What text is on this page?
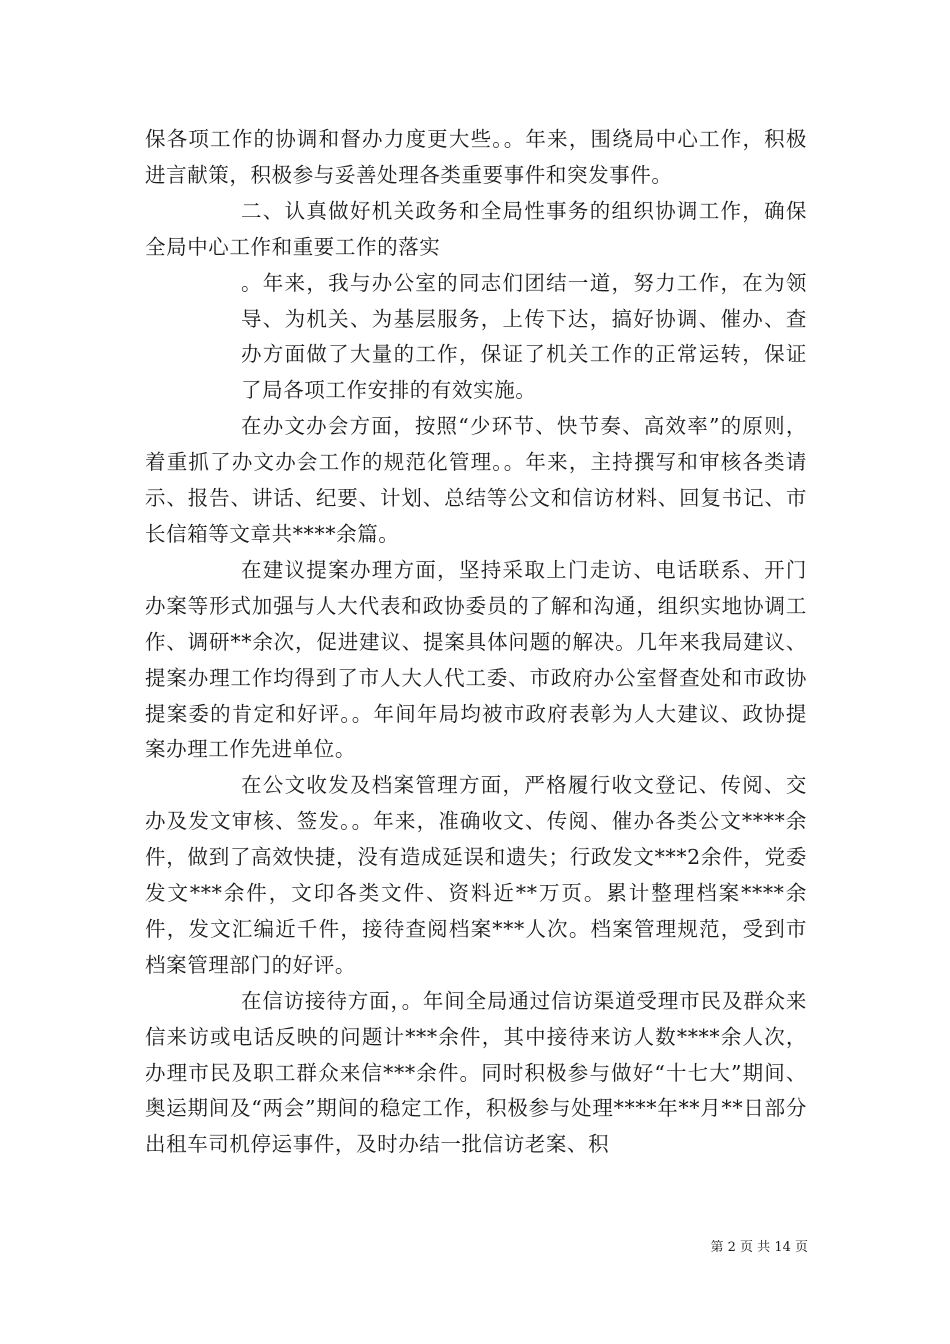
保各项工作的协调和督办力度更大些。。年来，围绕局中心工作，积极进言献策，积极参与妥善处理各类重要事件和突发事件。

二、认真做好机关政务和全局性事务的组织协调工作，确保全局中心工作和重要工作的落实

。年来，我与办公室的同志们团结一道，努力工作，在为领导、为机关、为基层服务，上传下达，搞好协调、催办、查办方面做了大量的工作，保证了机关工作的正常运转，保证了局各项工作安排的有效实施。

在办文办会方面，按照“少环节、快节奏、高效率”的原则，着重抓了办文办会工作的规范化管理。。年来，主持撰写和审核各类请示、报告、讲话、纪要、计划、总结等公文和信访材料、回复书记、市长信箱等文章共****余篇。

在建议提案办理方面，坚持采取上门走访、电话联系、开门办案等形式加强与人大代表和政协委员的了解和沟通，组织实地协调工作、调研**余次，促进建议、提案具体问题的解决。几年来我局建议、提案办理工作均得到了市人大人代工委、市政府办公室督查处和市政协提案委的肯定和好评。。年间年局均被市政府表彰为人大建议、政协提案办理工作先进单位。

在公文收发及档案管理方面，严格履行收文登记、传阅、交办及发文审核、签发。。年来，准确收文、传阅、催办各类公文****余件，做到了高效快捷，没有造成延误和遗失；行政发文***2余件，党委发文***余件，文印各类文件、资料近**万页。累计整理档案****余件，发文汇编近千件，接待查阅档案***人次。档案管理规范，受到市档案管理部门的好评。

在信访接待方面，。年间全局通过信访渠道受理市民及群众来信来访或电话反映的问题计***余件，其中接待来访人数****余人次，办理市民及职工群众来信***余件。同时积极参与做好“十七大”期间、奥运期间及“两会”期间的稳定工作，积极参与处理****年**月**日部分出租车司机停运事件，及时办结一批信访老案、积

第 2 页 共 14 页
